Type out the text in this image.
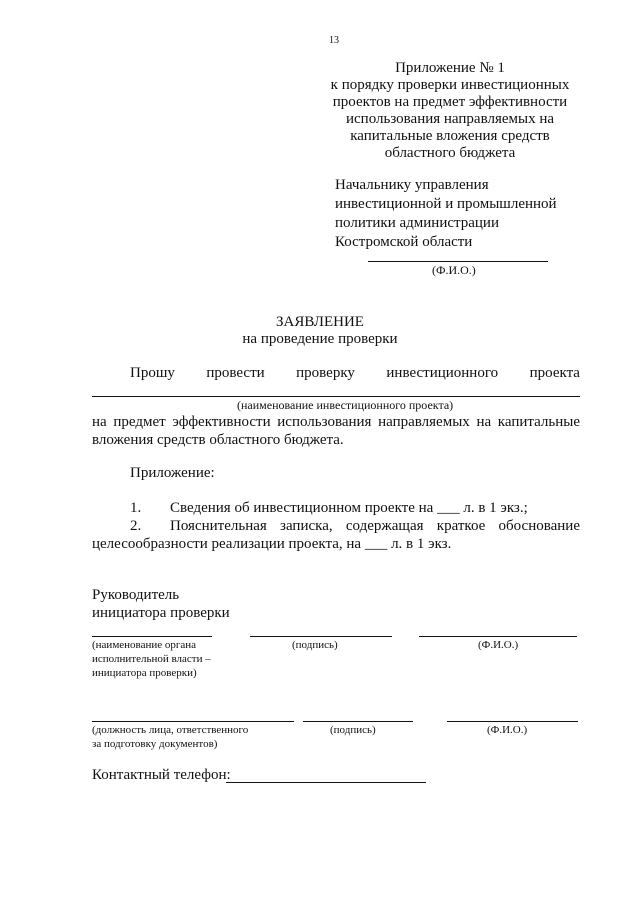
13
Приложение № 1
к порядку проверки инвестиционных
проектов на предмет эффективности
использования направляемых на
капитальные вложения средств
областного бюджета
Начальнику управления
инвестиционной и промышленной
политики администрации
Костромской области
(Ф.И.О.)
ЗАЯВЛЕНИЕ
на проведение проверки
Прошу провести проверку инвестиционного проекта
(наименование инвестиционного проекта)
на предмет эффективности использования направляемых на капитальные
вложения средств областного бюджета.
Приложение:
1. Сведения об инвестиционном проекте на ___ л. в 1 экз.;
2. Пояснительная записка, содержащая краткое обоснование
целесообразности реализации проекта, на ___ л. в 1 экз.
Руководитель
инициатора проверки
(наименование органа
исполнительной власти –
инициатора проверки)
(подпись)	(Ф.И.О.)
(должность лица, ответственного
за подготовку документов)
(подпись)	(Ф.И.О.)
Контактный телефон:
